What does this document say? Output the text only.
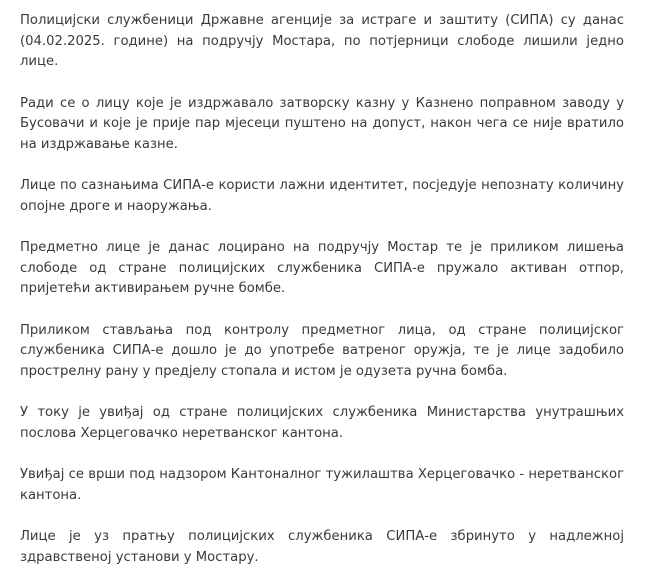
Полицијски службеници Државне агенције за истраге и заштиту (СИПА) су данас (04.02.2025. године) на подручју Мостара, по потјерници слободе лишили једно лице.

Ради се о лицу које је издржавало затворску казну у Казнено поправном заводу у Бусовачи и које је прије пар мјесеци пуштено на допуст, након чега се није вратило на издржавање казне.

Лице по сазнањима СИПА-е користи лажни идентитет, посједује непознату количину опојне дроге и наоружања.

Предметно лице је данас лоцирано на подручју Мостар те је приликом лишења слободе од стране полицијских службеника СИПА-е пружало активан отпор, пријетећи активирањем ручне бомбе.

Приликом стављања под контролу предметног лица, од стране полицијског службеника СИПА-е дошло је до употребе ватреног оружја, те је лице задобило прострелну рану у предјелу стопала и истом је одузета ручна бомба.

У току је увиђај од стране полицијских службеника Министарства унутрашњих послова Херцеговачко неретванског кантона.

Увиђај се врши под надзором Кантоналног тужилаштва Херцеговачко - неретванског кантона.

Лице је уз пратњу полицијских службеника СИПА-е збринуто у надлежној здравственој установи у Мостару.
